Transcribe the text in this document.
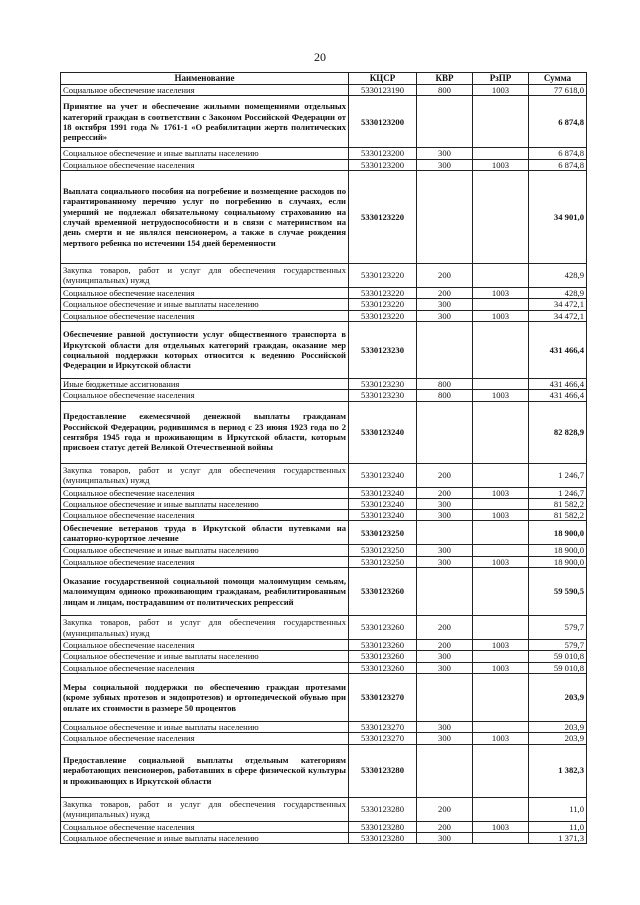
20
Наименование	КЦСР	КВР	РзПР	Сумма
Социальное обеспечение населения	5330123190	800	1003	77 618,0
Принятие на учет и обеспечение жильими помещениями отдельных категорий граждан в соответствии с Законом Российской Федерации от 18 октября 1991 года № 1761-1 «О реабилитации жертв политических репрессий»	5330123200			6 874,8
Социальное обеспечение и иные выплаты населению	5330123200	300		6 874,8
Социальное обеспечение населения	5330123200	300	1003	6 874,8
Выплата социального пособия на погребение и возмещение расходов по гарантированному перечню услуг по погребению в случаях, если умерший не подлежал обязательному социальному страхованию на случай временной нетрудоспособности и в связи с материнством на день смерти и не являлся пенсионером, а также в случае рождения мертвого ребенка по истечении 154 дней беременности	5330123220			34 901,0
Закупка товаров, работ и услуг для обеспечения государственных (муниципальных) нужд	5330123220	200		428,9
Социальное обеспечение населения	5330123220	200	1003	428,9
Социальное обеспечение и иные выплаты населению	5330123220	300		34 472,1
Социальное обеспечение населения	5330123220	300	1003	34 472,1
Обеспечение равной доступности услуг общественного транспорта в Иркутской области для отдельных категорий граждан, оказание мер социальной поддержки которых относится к ведению Российской Федерации и Иркутской области	5330123230			431 466,4
Иные бюджетные ассигнования	5330123230	800		431 466,4
Социальное обеспечение населения	5330123230	800	1003	431 466,4
Предоставление ежемесячной денежной выплаты гражданам Российской Федерации, родившимся в период с 23 июня 1923 года по 2 сентября 1945 года и проживающим в Иркутской области, которым присвоен статус детей Великой Отечественной войны	5330123240			82 828,9
Закупка товаров, работ и услуг для обеспечения государственных (муниципальных) нужд	5330123240	200		1 246,7
Социальное обеспечение населения	5330123240	200	1003	1 246,7
Социальное обеспечение и иные выплаты населению	5330123240	300		81 582,2
Социальное обеспечение населения	5330123240	300	1003	81 582,2
Обеспечение ветеранов труда в Иркутской области путевками на санаторно-курортное лечение	5330123250			18 900,0
Социальное обеспечение и иные выплаты населению	5330123250	300		18 900,0
Социальное обеспечение населения	5330123250	300	1003	18 900,0
Оказание государственной социальной помощи малоимущим семьям, малоимущим одиноко проживающим гражданам, реабилитированным лицам и лицам, пострадавшим от политических репрессий	5330123260			59 590,5
Закупка товаров, работ и услуг для обеспечения государственных (муниципальных) нужд	5330123260	200		579,7
Социальное обеспечение населения	5330123260	200	1003	579,7
Социальное обеспечение и иные выплаты населению	5330123260	300		59 010,8
Социальное обеспечение населения	5330123260	300	1003	59 010,8
Меры социальной поддержки по обеспечению граждан протезами (кроме зубных протезов и эндопротезов) и ортопедической обувью при оплате их стоимости в размере 50 процентов	5330123270			203,9
Социальное обеспечение и иные выплаты населению	5330123270	300		203,9
Социальное обеспечение населения	5330123270	300	1003	203,9
Предоставление социальной выплаты отдельным категориям неработающих пенсионеров, работавших в сфере физической культуры и проживающих в Иркутской области	5330123280			1 382,3
Закупка товаров, работ и услуг для обеспечения государственных (муниципальных) нужд	5330123280	200		11,0
Социальное обеспечение населения	5330123280	200	1003	11,0
Социальное обеспечение и иные выплаты населению	5330123280	300		1 371,3
